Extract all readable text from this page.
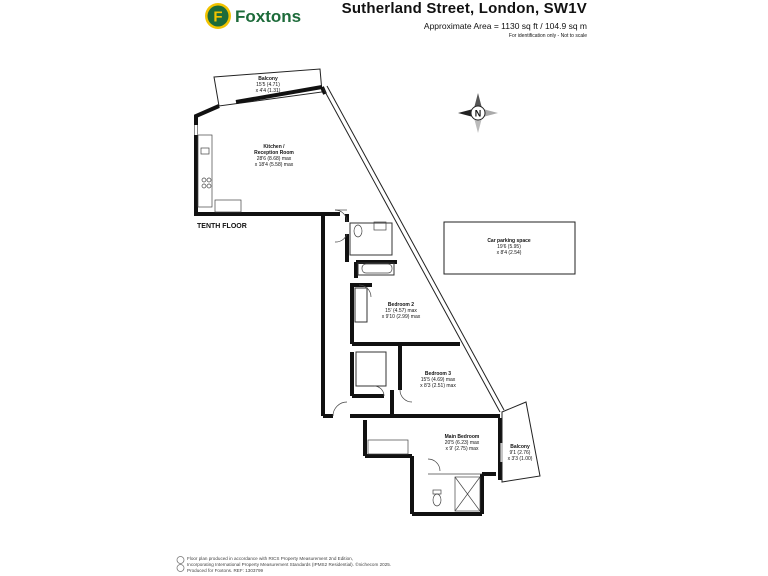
F Foxtons	Sutherland Street, London, SW1V
Approximate Area = 1130 sq ft / 104.9 sq m
For identification only - Not to scale
N
Balcony
15'5 (4.71)
x 4'4 (1.31)
Kitchen /
Reception Room
28'6 (8.68) max
x 18'4 (5.58) max
Bedroom 2
15' (4.57) max
x 9'10 (2.99) max
Bedroom 3
15'5 (4.69) max
x 8'3 (2.51) max
Main Bedroom
20'5 (6.23) max
x 9' (2.75) max	Balcony
9'1 (2.76)
x 3'3 (1.00)
Car parking space
19'6 (5.95)
x 8'4 (2.54)
TENTH FLOOR
Floor plan produced in accordance with RICS Property Measurement 2nd Edition,
Incorporating International Property Measurement Standards (IPMS2 Residential). ©nichecom 2025.
Produced for Foxtons. REF: 1303799
